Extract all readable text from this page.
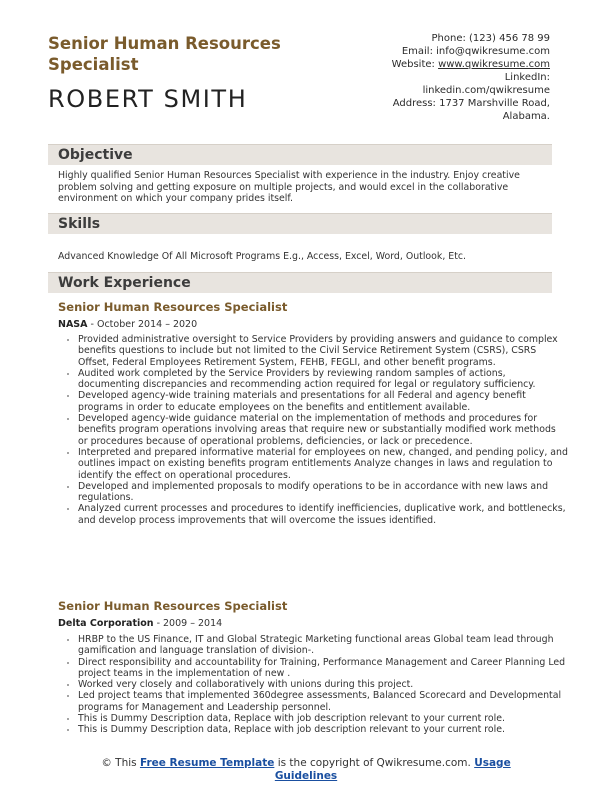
Senior Human Resources Specialist
ROBERT SMITH
Phone: (123) 456 78 99
Email: info@qwikresume.com
Website: www.qwikresume.com
LinkedIn:
linkedin.com/qwikresume
Address: 1737 Marshville Road,
Alabama.
Objective
Highly qualified Senior Human Resources Specialist with experience in the industry. Enjoy creative problem solving and getting exposure on multiple projects, and would excel in the collaborative environment on which your company prides itself.
Skills
Advanced Knowledge Of All Microsoft Programs E.g., Access, Excel, Word, Outlook, Etc.
Work Experience
Senior Human Resources Specialist
NASA - October 2014 – 2020
• Provided administrative oversight to Service Providers by providing answers and guidance to complex benefits questions to include but not limited to the Civil Service Retirement System (CSRS), CSRS Offset, Federal Employees Retirement System, FEHB, FEGLI, and other benefit programs.
• Audited work completed by the Service Providers by reviewing random samples of actions, documenting discrepancies and recommending action required for legal or regulatory sufficiency.
• Developed agency-wide training materials and presentations for all Federal and agency benefit programs in order to educate employees on the benefits and entitlement available.
• Developed agency-wide guidance material on the implementation of methods and procedures for benefits program operations involving areas that require new or substantially modified work methods or procedures because of operational problems, deficiencies, or lack or precedence.
• Interpreted and prepared informative material for employees on new, changed, and pending policy, and outlines impact on existing benefits program entitlements Analyze changes in laws and regulation to identify the effect on operational procedures.
• Developed and implemented proposals to modify operations to be in accordance with new laws and regulations.
• Analyzed current processes and procedures to identify inefficiencies, duplicative work, and bottlenecks, and develop process improvements that will overcome the issues identified.
Senior Human Resources Specialist
Delta Corporation - 2009 – 2014
• HRBP to the US Finance, IT and Global Strategic Marketing functional areas Global team lead through gamification and language translation of division-.
• Direct responsibility and accountability for Training, Performance Management and Career Planning Led project teams in the implementation of new .
• Worked very closely and collaboratively with unions during this project.
• Led project teams that implemented 360degree assessments, Balanced Scorecard and Developmental programs for Management and Leadership personnel.
• This is Dummy Description data, Replace with job description relevant to your current role.
• This is Dummy Description data, Replace with job description relevant to your current role.
© This Free Resume Template is the copyright of Qwikresume.com. Usage
Guidelines
